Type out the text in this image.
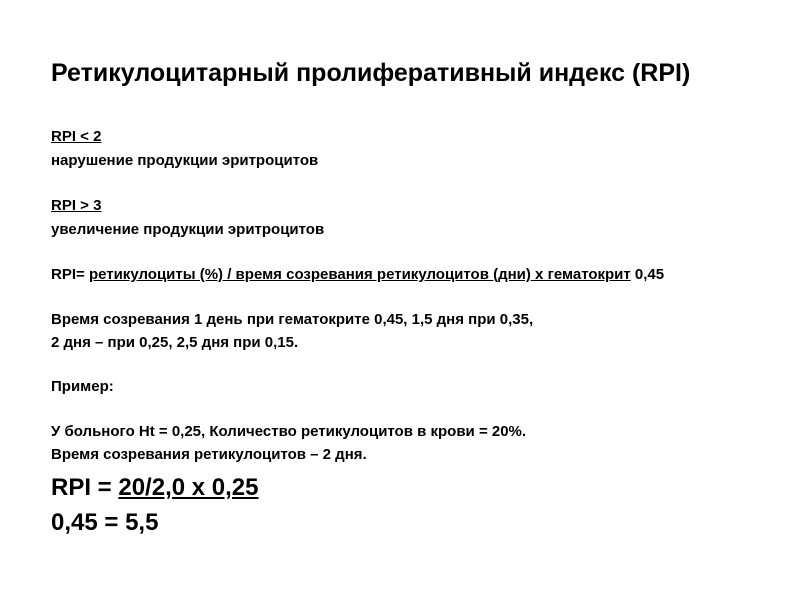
Ретикулоцитарный пролиферативный индекс (RPI)
RPI < 2
нарушение продукции эритроцитов
RPI > 3
увеличение продукции эритроцитов
RPI= ретикулоциты (%) / время созревания ретикулоцитов (дни) x гематокрит 0,45
Время созревания 1 день при гематокрите 0,45, 1,5 дня при 0,35,
2 дня – при 0,25, 2,5 дня при 0,15.
Пример:
У больного Ht = 0,25, Количество ретикулоцитов в крови = 20%.
Время созревания ретикулоцитов – 2 дня.
RPI = 20/2,0 х 0,25
0,45 = 5,5
